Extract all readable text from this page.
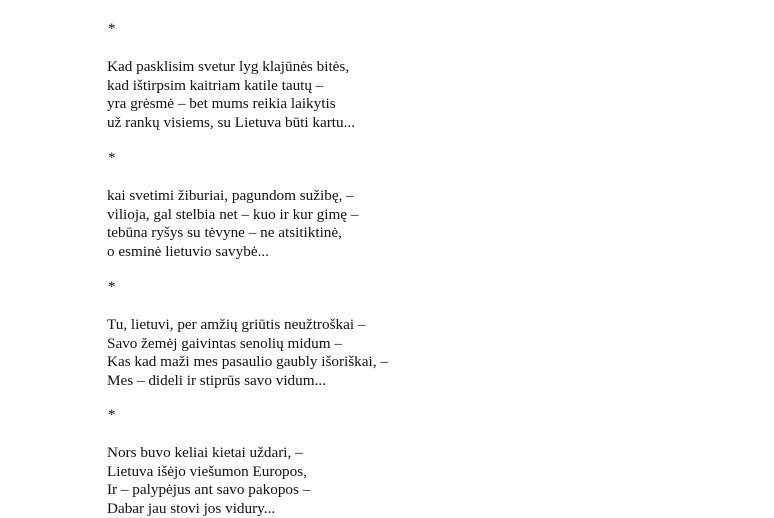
*
Kad pasklisim svetur lyg klajūnės bitės,
kad ištirpsim kaitriam katile tautų –
yra grėsmė – bet mums reikia laikytis
už rankų visiems, su Lietuva būti kartu...
*
kai svetimi žiburiai, pagundom sužibę, –
vilioja, gal stelbia net – kuo ir kur gimę –
tebūna ryšys su tėvyne – ne atsitiktinė,
o esminė lietuvio savybė...
*
Tu, lietuvi, per amžių griūtis neužtroškai –
Savo žemėj gaivintas senolių midum –
Kas kad maži mes pasaulio gaubly išoriškai, –
Mes – dideli ir stiprūs savo vidum...
*
Nors buvo keliai kietai uždari, –
Lietuva išėjo viešumon Europos,
Ir – palypėjus ant savo pakopos –
Dabar jau stovi jos vidury...
